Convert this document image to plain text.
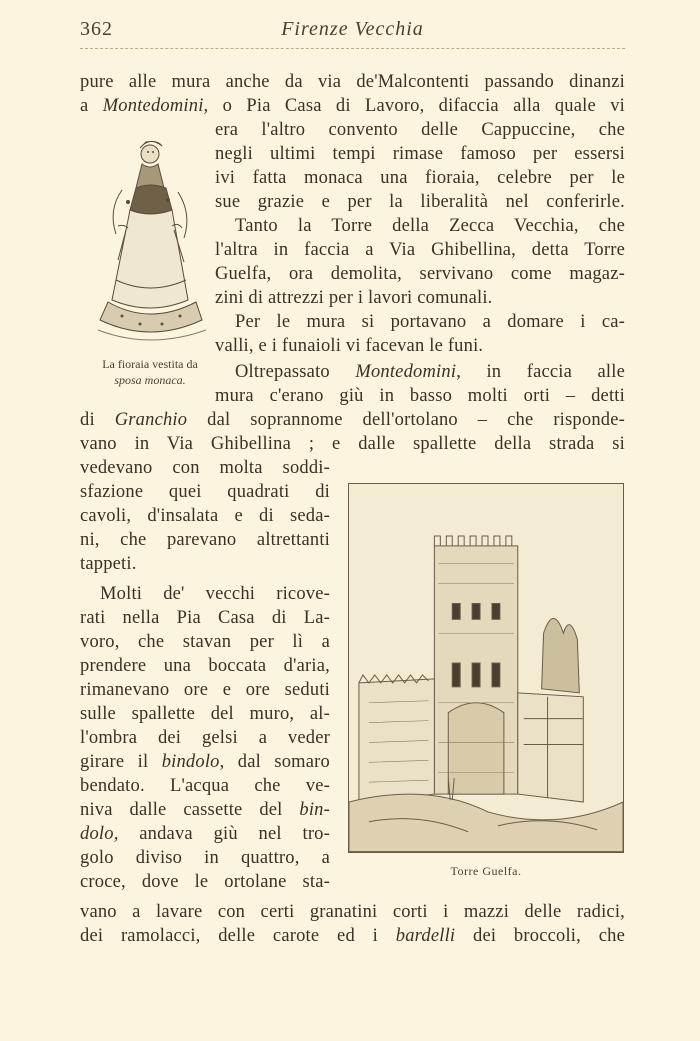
362	Firenze Vecchia
La fioraia vestita da
sposa monaca.
Torre Guelfa.
pure alle mura anche da via de'Malcontenti passando dinanzi
a Montedomini, o Pia Casa di Lavoro, difaccia alla quale vi
era l'altro convento delle Cappuccine, che
negli ultimi tempi rimase famoso per essersi
ivi fatta monaca una fioraia, celebre per le
sue grazie e per la liberalità nel conferirle.
Tanto la Torre della Zecca Vecchia, che
l'altra in faccia a Via Ghibellina, detta Torre
Guelfa, ora demolita, servivano come magaz-
zini di attrezzi per i lavori comunali.
Per le mura si portavano a domare i ca-
valli, e i funaioli vi facevan le funi.
Oltrepassato Montedomini, in faccia alle
mura c'erano giù in basso molti orti – detti
di Granchio dal soprannome dell'ortolano – che risponde-
vano in Via Ghibellina ; e dalle spallette della strada si
vedevano con molta soddi-
sfazione quei quadrati di
cavoli, d'insalata e di seda-
ni, che parevano altrettanti
tappeti.
Molti de' vecchi ricove-
rati nella Pia Casa di La-
voro, che stavan per lì a
prendere una boccata d'aria,
rimanevano ore e ore seduti
sulle spallette del muro, al-
l'ombra dei gelsi a veder
girare il bindolo, dal somaro
bendato. L'acqua che ve-
niva dalle cassette del bin-
dolo, andava giù nel tro-
golo diviso in quattro, a
croce, dove le ortolane sta-
vano a lavare con certi granatini corti i mazzi delle radici,
dei ramolacci, delle carote ed i bardelli dei broccoli, che
